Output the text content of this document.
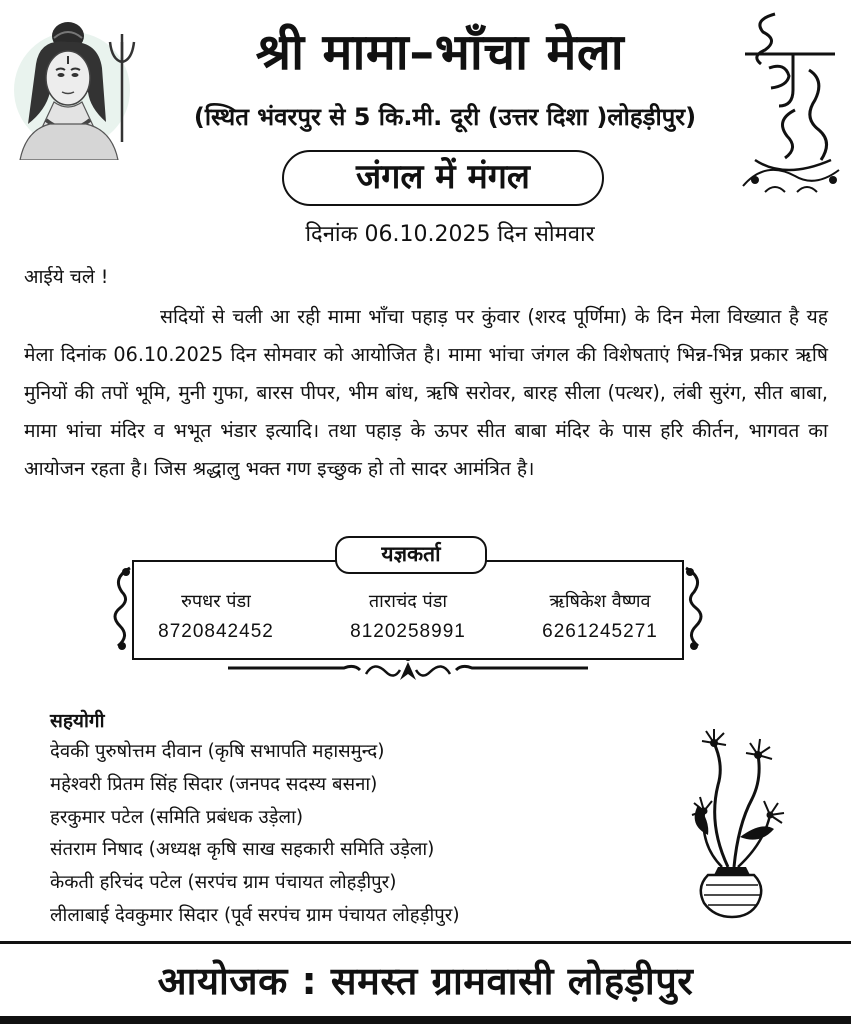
श्री मामा–भाँचा मेला
(स्थित भंवरपुर से 5 कि.मी. दूरी (उत्तर दिशा )लोहड़ीपुर)
जंगल में मंगल
दिनांक 06.10.2025 दिन सोमवार
आईये चले !
सदियों से चली आ रही मामा भाँचा पहाड़ पर कुंवार (शरद पूर्णिमा) के दिन मेला विख्यात है यह मेला दिनांक 06.10.2025 दिन सोमवार को आयोजित है। मामा भांचा जंगल की विशेषताएं भिन्न-भिन्न प्रकार ऋषि मुनियों की तपों भूमि, मुनी गुफा, बारस पीपर, भीम बांध, ऋषि सरोवर, बारह सीला (पत्थर), लंबी सुरंग, सीत बाबा, मामा भांचा मंदिर व भभूत भंडार इत्यादि। तथा पहाड़ के ऊपर सीत बाबा मंदिर के पास हरि कीर्तन, भागवत का आयोजन रहता है। जिस श्रद्धालु भक्त गण इच्छुक हो तो सादर आमंत्रित है।
यज्ञकर्ता
रुपधर पंडा
8720842452
ताराचंद पंडा
8120258991
ऋषिकेश वैष्णव
6261245271
सहयोगी
देवकी पुरुषोत्तम दीवान (कृषि सभापति महासमुन्द)
महेश्वरी प्रितम सिंह सिदार (जनपद सदस्य बसना)
हरकुमार पटेल (समिति प्रबंधक उड़ेला)
संतराम निषाद (अध्यक्ष कृषि साख सहकारी समिति उड़ेला)
केकती हरिचंद पटेल (सरपंच ग्राम पंचायत लोहड़ीपुर)
लीलाबाई देवकुमार सिदार (पूर्व सरपंच ग्राम पंचायत लोहड़ीपुर)
आयोजक : समस्त ग्रामवासी लोहड़ीपुर
